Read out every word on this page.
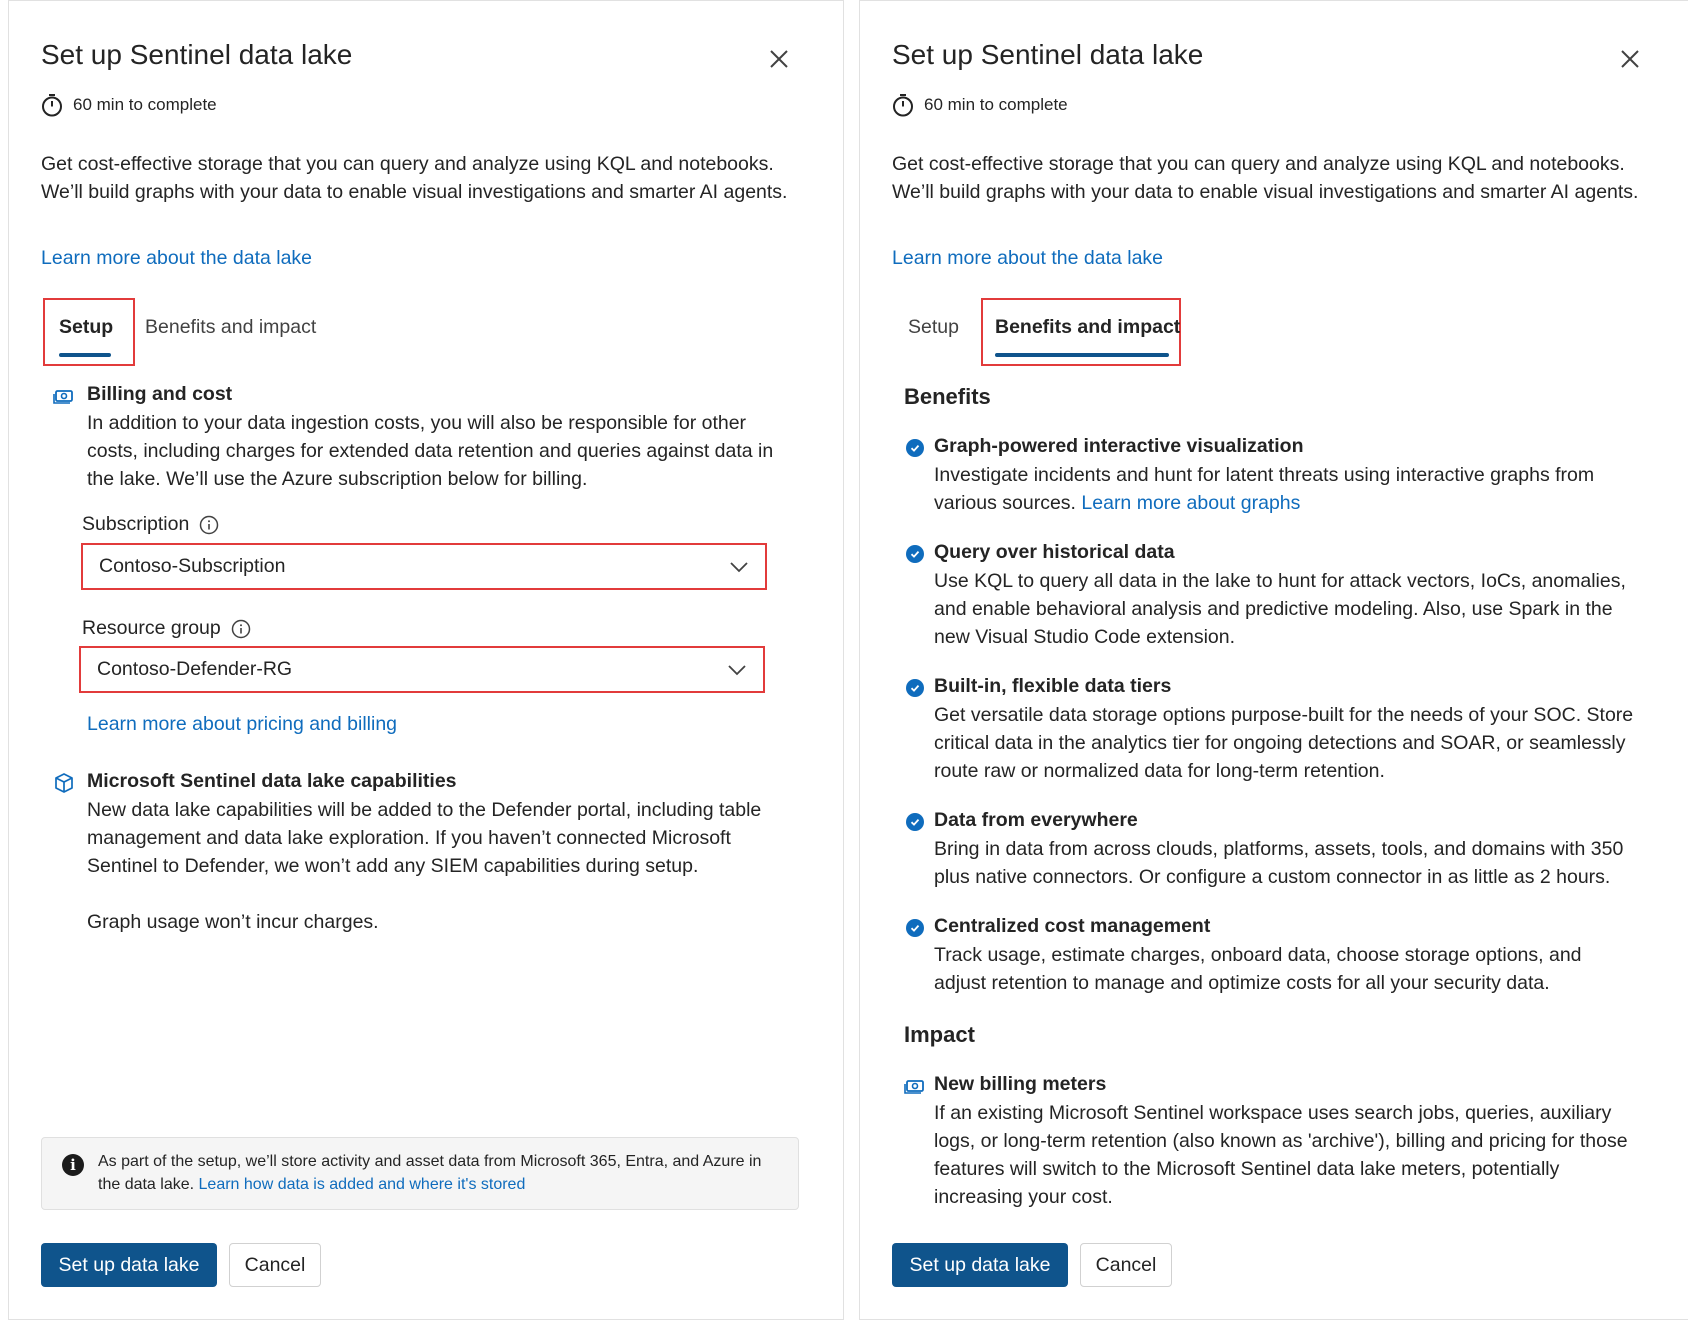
Set up Sentinel data lake
60 min to complete
Get cost-effective storage that you can query and analyze using KQL and notebooks. We’ll build graphs with your data to enable visual investigations and smarter AI agents.
Learn more about the data lake
Setup Benefits and impact
Billing and cost
In addition to your data ingestion costs, you will also be responsible for other costs, including charges for extended data retention and queries against data in the lake. We’ll use the Azure subscription below for billing.
Subscription
Contoso-Subscription
Resource group
Contoso-Defender-RG
Learn more about pricing and billing
Microsoft Sentinel data lake capabilities
New data lake capabilities will be added to the Defender portal, including table management and data lake exploration. If you haven’t connected Microsoft Sentinel to Defender, we won’t add any SIEM capabilities during setup.
Graph usage won’t incur charges.
i	As part of the setup, we’ll store activity and asset data from Microsoft 365, Entra, and Azure in the data lake. Learn how data is added and where it's stored
Set up data lake	Cancel
Set up Sentinel data lake
60 min to complete
Get cost-effective storage that you can query and analyze using KQL and notebooks. We’ll build graphs with your data to enable visual investigations and smarter AI agents.
Learn more about the data lake
Setup Benefits and impact
Benefits
Graph-powered interactive visualization
Investigate incidents and hunt for latent threats using interactive graphs from various sources. Learn more about graphs
Query over historical data
Use KQL to query all data in the lake to hunt for attack vectors, IoCs, anomalies, and enable behavioral analysis and predictive modeling. Also, use Spark in the new Visual Studio Code extension.
Built-in, flexible data tiers
Get versatile data storage options purpose-built for the needs of your SOC. Store critical data in the analytics tier for ongoing detections and SOAR, or seamlessly route raw or normalized data for long-term retention.
Data from everywhere
Bring in data from across clouds, platforms, assets, tools, and domains with 350 plus native connectors. Or configure a custom connector in as little as 2 hours.
Centralized cost management
Track usage, estimate charges, onboard data, choose storage options, and adjust retention to manage and optimize costs for all your security data.
Impact
New billing meters
If an existing Microsoft Sentinel workspace uses search jobs, queries, auxiliary logs, or long-term retention (also known as 'archive'), billing and pricing for those features will switch to the Microsoft Sentinel data lake meters, potentially increasing your cost.
Set up data lake	Cancel
